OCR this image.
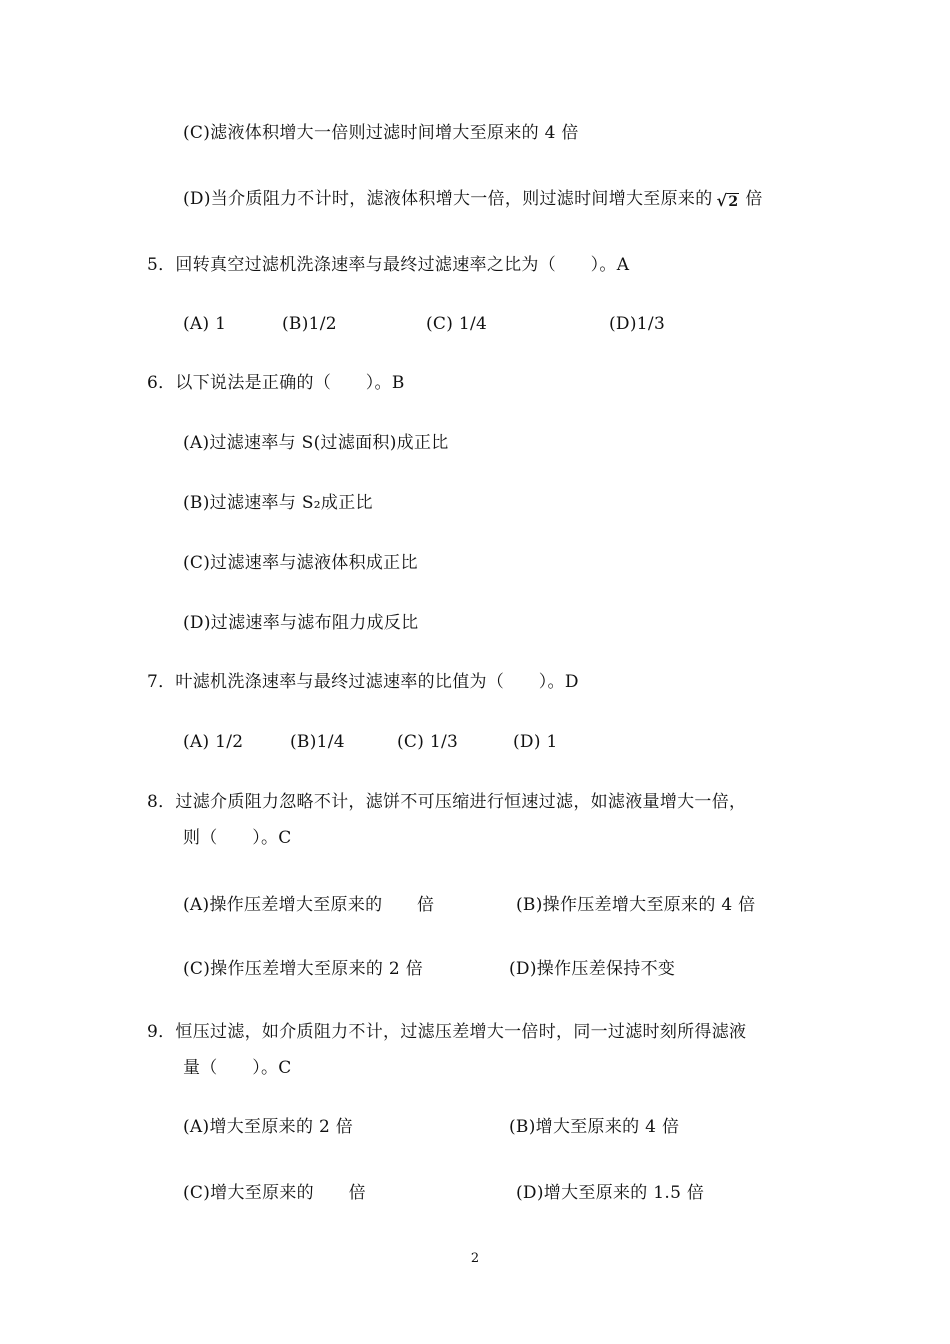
(C)滤液体积增大一倍则过滤时间增大至原来的 4 倍
(D)当介质阻力不计时，滤液体积增大一倍，则过滤时间增大至原来的 √2 倍
5．回转真空过滤机洗涤速率与最终过滤速率之比为（　　）。A
(A) 1	(B)1/2	(C) 1/4	(D)1/3
6．以下说法是正确的（　　）。B
(A)过滤速率与 S(过滤面积)成正比
(B)过滤速率与 S₂成正比
(C)过滤速率与滤液体积成正比
(D)过滤速率与滤布阻力成反比
7．叶滤机洗涤速率与最终过滤速率的比值为（　　）。D
(A) 1/2	(B)1/4	(C) 1/3	(D) 1
8．过滤介质阻力忽略不计，滤饼不可压缩进行恒速过滤，如滤液量增大一倍，
则（　　）。C
(A)操作压差增大至原来的　　倍	(B)操作压差增大至原来的 4 倍
(C)操作压差增大至原来的 2 倍	(D)操作压差保持不变
9．恒压过滤，如介质阻力不计，过滤压差增大一倍时，同一过滤时刻所得滤液
量（　　）。C
(A)增大至原来的 2 倍	(B)增大至原来的 4 倍
(C)增大至原来的　　倍	(D)增大至原来的 1.5 倍
2
